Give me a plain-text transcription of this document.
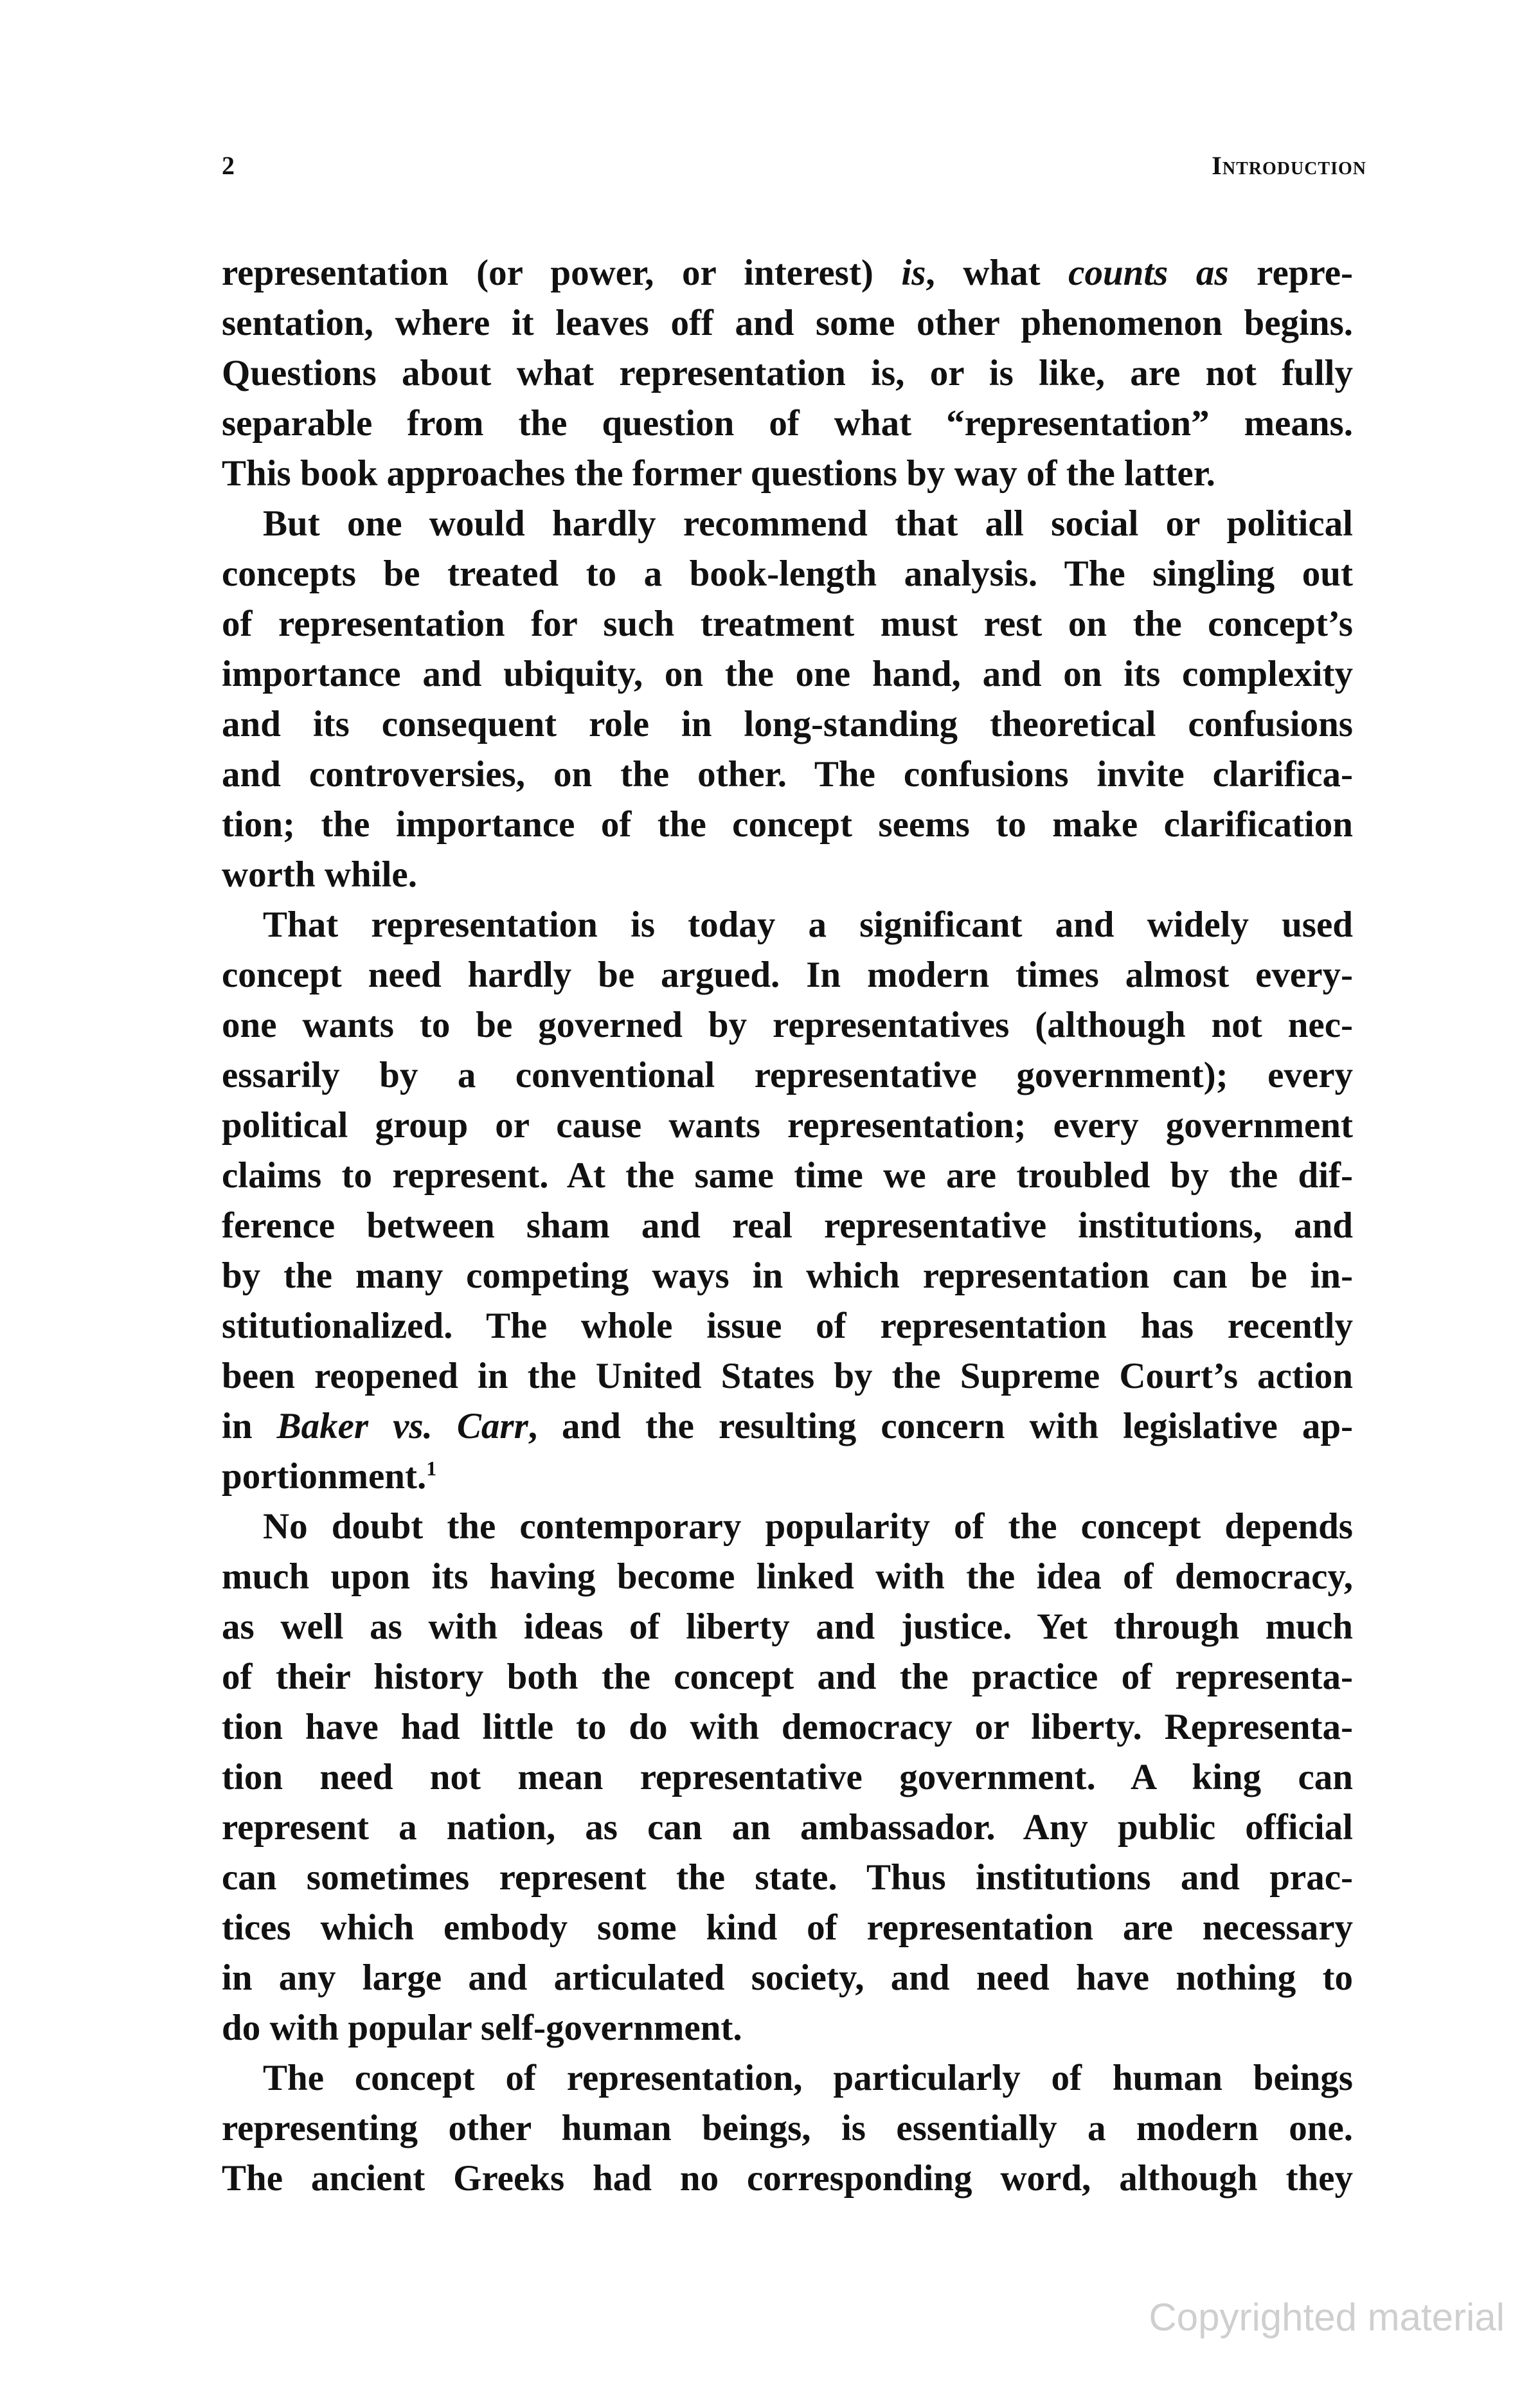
2	Introduction
representation (or power, or interest) is, what counts as repre-
sentation, where it leaves off and some other phenomenon begins.
Questions about what representation is, or is like, are not fully
separable from the question of what “representation” means.
This book approaches the former questions by way of the latter.
But one would hardly recommend that all social or political
concepts be treated to a book-length analysis. The singling out
of representation for such treatment must rest on the concept’s
importance and ubiquity, on the one hand, and on its complexity
and its consequent role in long-standing theoretical confusions
and controversies, on the other. The confusions invite clarifica-
tion; the importance of the concept seems to make clarification
worth while.
That representation is today a significant and widely used
concept need hardly be argued. In modern times almost every-
one wants to be governed by representatives (although not nec-
essarily by a conventional representative government); every
political group or cause wants representation; every government
claims to represent. At the same time we are troubled by the dif-
ference between sham and real representative institutions, and
by the many competing ways in which representation can be in-
stitutionalized. The whole issue of representation has recently
been reopened in the United States by the Supreme Court’s action
in Baker vs. Carr, and the resulting concern with legislative ap-
portionment.$^1$
No doubt the contemporary popularity of the concept depends
much upon its having become linked with the idea of democracy,
as well as with ideas of liberty and justice. Yet through much
of their history both the concept and the practice of representa-
tion have had little to do with democracy or liberty. Representa-
tion need not mean representative government. A king can
represent a nation, as can an ambassador. Any public official
can sometimes represent the state. Thus institutions and prac-
tices which embody some kind of representation are necessary
in any large and articulated society, and need have nothing to
do with popular self-government.
The concept of representation, particularly of human beings
representing other human beings, is essentially a modern one.
The ancient Greeks had no corresponding word, although they
Copyrighted material
